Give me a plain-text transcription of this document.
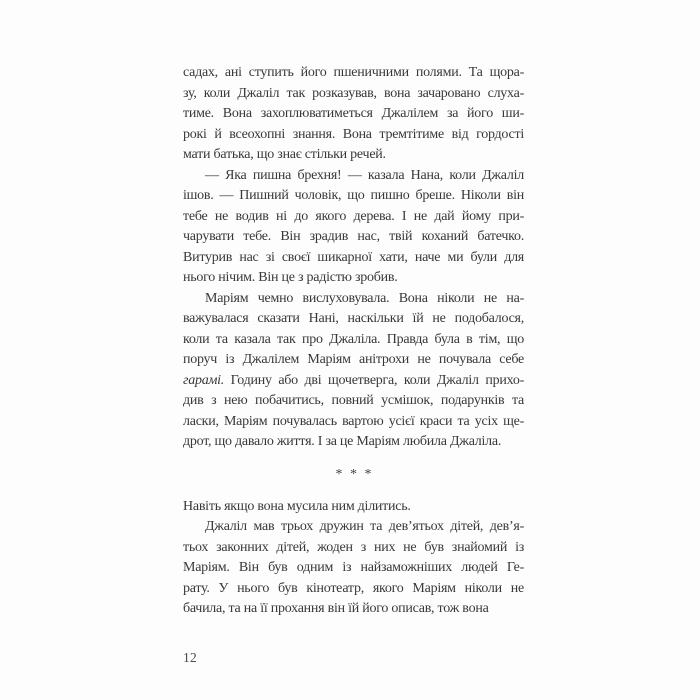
садах, ані ступить його пшеничними полями. Та щора-
зу, коли Джаліл так розказував, вона зачаровано слуха-
тиме. Вона захоплюватиметься Джалілем за його ши-
рокі й всеохопні знання. Вона тремтітиме від гордості
мати батька, що знає стільки речей.
— Яка пишна брехня! — казала Нана, коли Джаліл
ішов. — Пишний чоловік, що пишно бреше. Ніколи він
тебе не водив ні до якого дерева. І не дай йому при-
чарувати тебе. Він зрадив нас, твій коханий батечко.
Витурив нас зі своєї шикарної хати, наче ми були для
нього нічим. Він це з радістю зробив.
Маріям чемно вислуховувала. Вона ніколи не на-
важувалася сказати Нані, наскільки їй не подобалося,
коли та казала так про Джаліла. Правда була в тім, що
поруч із Джалілем Маріям анітрохи не почувала себе
гарамі. Годину або дві щочетверга, коли Джаліл прихо-
див з нею побачитись, повний усмішок, подарунків та
ласки, Маріям почувалась вартою усієї краси та усіх ще-
дрот, що давало життя. І за це Маріям любила Джаліла.
* * *
Навіть якщо вона мусила ним ділитись.
Джаліл мав трьох дружин та дев’ятьох дітей, дев’я-
тьох законних дітей, жоден з них не був знайомий із
Маріям. Він був одним із найзаможніших людей Ге-
рату. У нього був кінотеатр, якого Маріям ніколи не
бачила, та на її прохання він їй його описав, тож вона
12
